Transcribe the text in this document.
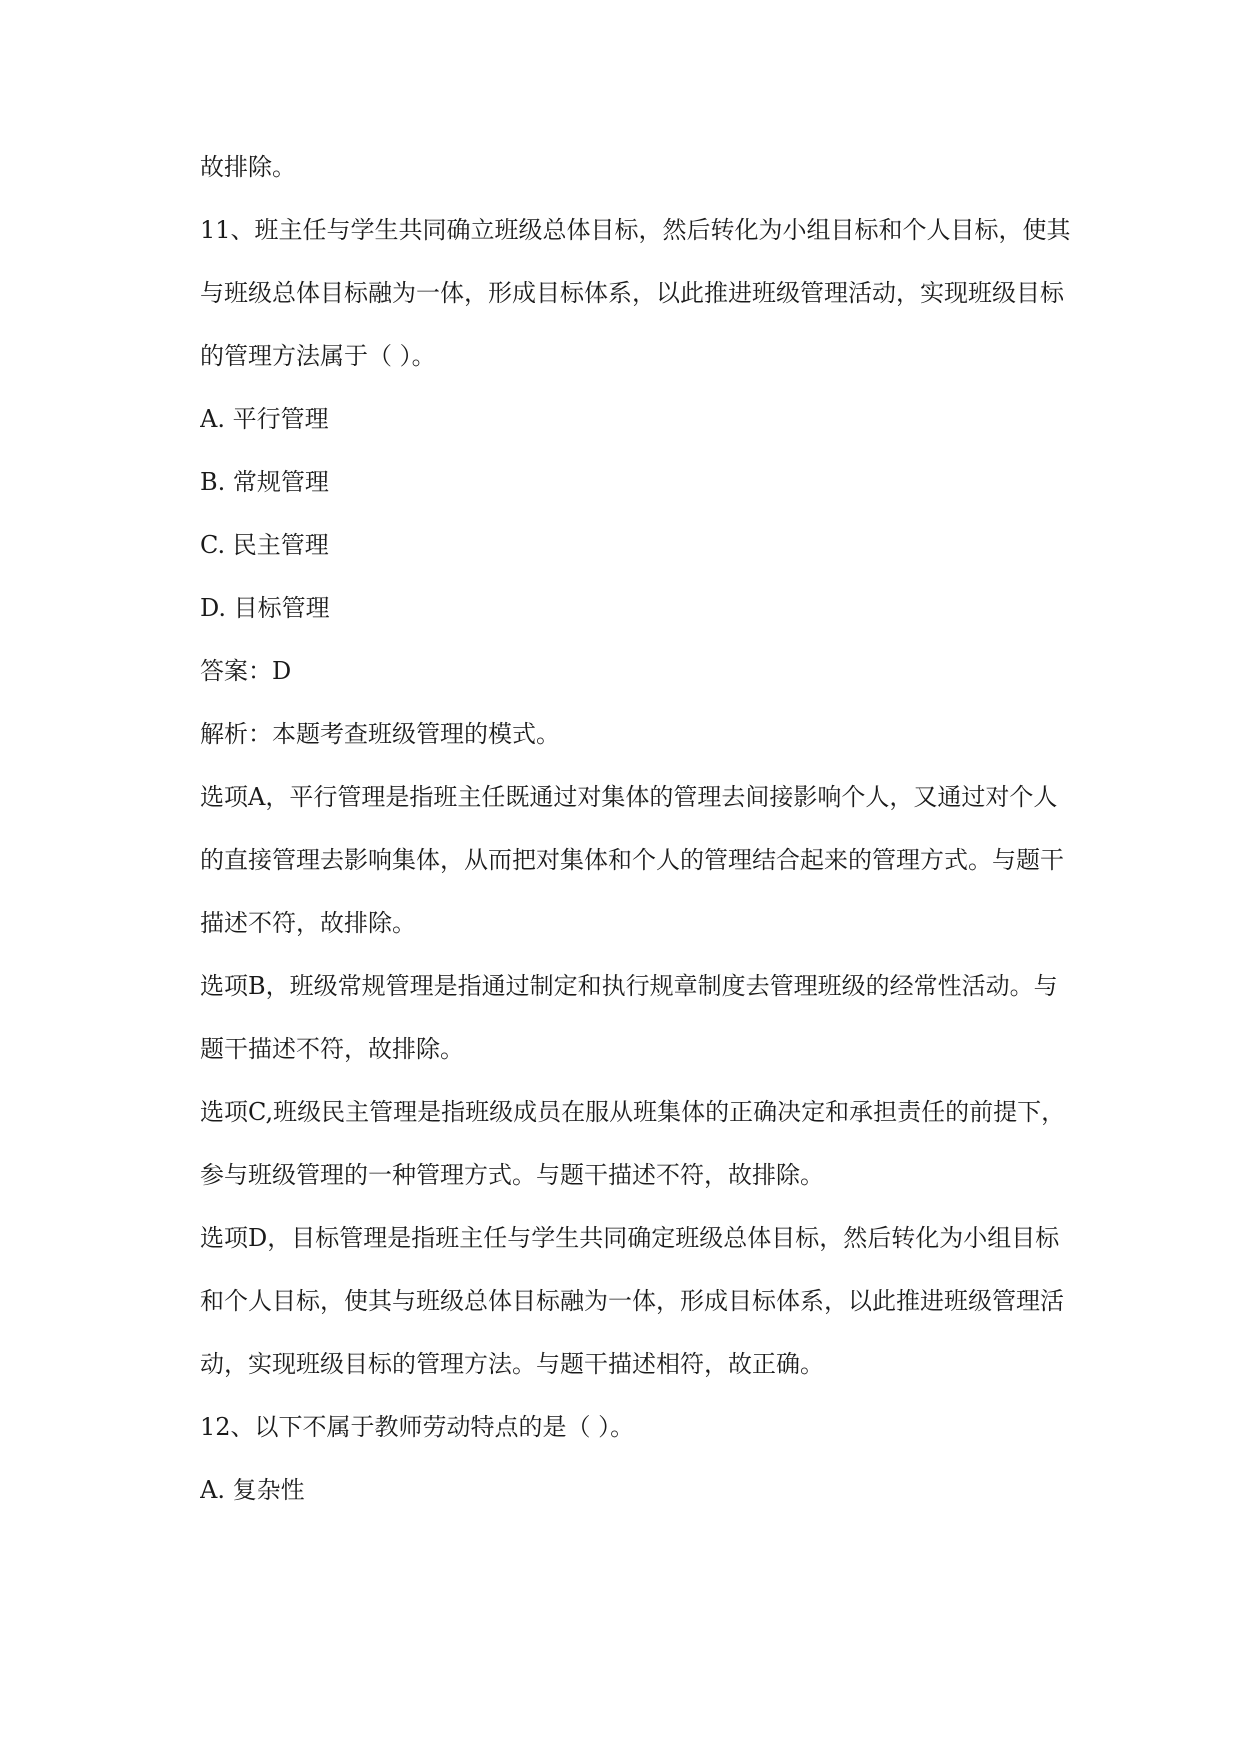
故排除。
11、班主任与学生共同确立班级总体目标，然后转化为小组目标和个人目标，使其
与班级总体目标融为一体，形成目标体系，以此推进班级管理活动，实现班级目标
的管理方法属于（ ）。
A. 平行管理
B. 常规管理
C. 民主管理
D. 目标管理
答案：D
解析：本题考查班级管理的模式。
选项A，平行管理是指班主任既通过对集体的管理去间接影响个人，又通过对个人
的直接管理去影响集体，从而把对集体和个人的管理结合起来的管理方式。与题干
描述不符，故排除。
选项B，班级常规管理是指通过制定和执行规章制度去管理班级的经常性活动。与
题干描述不符，故排除。
选项C,班级民主管理是指班级成员在服从班集体的正确决定和承担责任的前提下，
参与班级管理的一种管理方式。与题干描述不符，故排除。
选项D，目标管理是指班主任与学生共同确定班级总体目标，然后转化为小组目标
和个人目标，使其与班级总体目标融为一体，形成目标体系，以此推进班级管理活
动，实现班级目标的管理方法。与题干描述相符，故正确。
12、以下不属于教师劳动特点的是（ ）。
A. 复杂性
